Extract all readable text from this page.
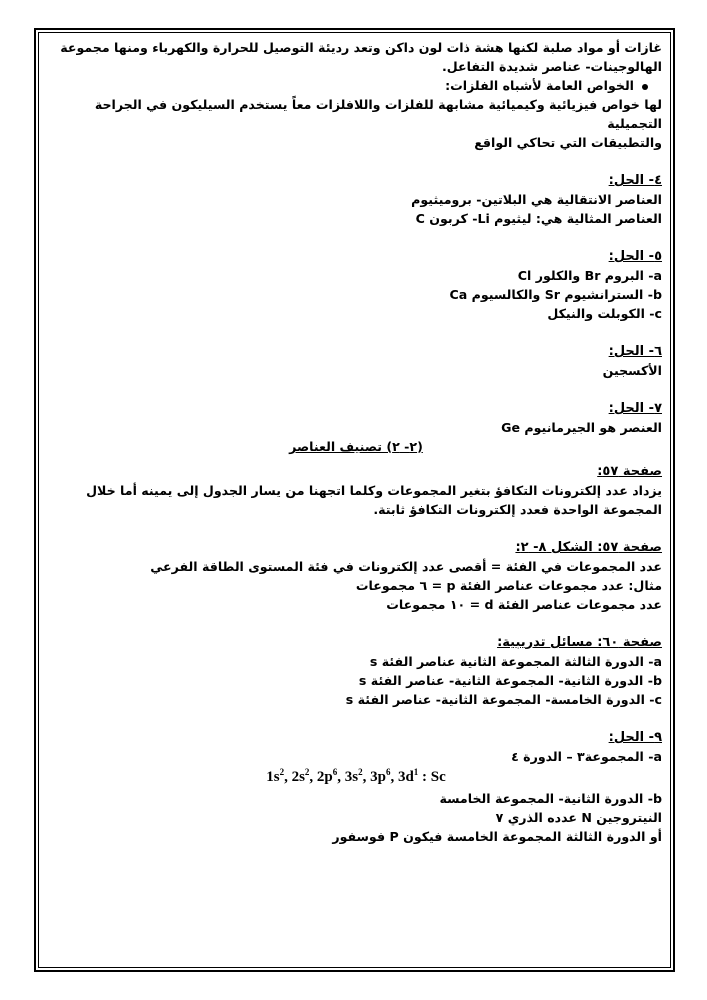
غازات أو مواد صلبة لكنها هشة ذات لون داكن وتعد رديئة التوصيل للحرارة والكهرباء ومنها مجموعة

الهالوجينات- عناصر شديدة التفاعل.

الخواص العامة لأشباه الفلزات:

لها خواص فيزيائية وكيميائية مشابهة للفلزات واللافلزات معاً يستخدم السيليكون في الجراحة التجميلية

والتطبيقات التي تحاكي الواقع

٤- الحل:

العناصر الانتقالية هي البلاتين- بروميثيوم

العناصر المثالية هي: ليثيوم Li- كربون C

٥- الحل:

a- البروم Br والكلور Cl

b- السترانشيوم Sr والكالسيوم Ca

c- الكوبلت والنيكل

٦- الحل:

الأكسجين

٧- الحل:

العنصر هو الجيرمانيوم Ge

(٢- ٢) تصنيف العناصر

صفحة ٥٧:

يزداد عدد إلكترونات التكافؤ بتغير المجموعات وكلما اتجهنا من يسار الجدول إلى يمينه أما خلال

المجموعة الواحدة فعدد إلكترونات التكافؤ ثابتة.

صفحة ٥٧: الشكل ٨- ٢:

عدد المجموعات في الفئة = أقصى عدد إلكترونات في فئة المستوى الطاقة الفرعي

مثال: عدد مجموعات عناصر الفئة p = ٦ مجموعات

عدد مجموعات عناصر الفئة d = ١٠ مجموعات

صفحة ٦٠: مسائل تدريبية:

a- الدورة الثالثة المجموعة الثانية عناصر الفئة s

b- الدورة الثانية- المجموعة الثانية- عناصر الفئة s

c- الدورة الخامسة- المجموعة الثانية- عناصر الفئة s

٩- الحل:

a- المجموعة٣ – الدورة ٤

$1s^2$, $2s^2$, $2p^6$, $3s^2$, $3p^6$, $3d^1$ : Sc

b- الدورة الثانية- المجموعة الخامسة

النيتروجين N عدده الذري ٧

أو الدورة الثالثة المجموعة الخامسة فيكون P فوسفور
